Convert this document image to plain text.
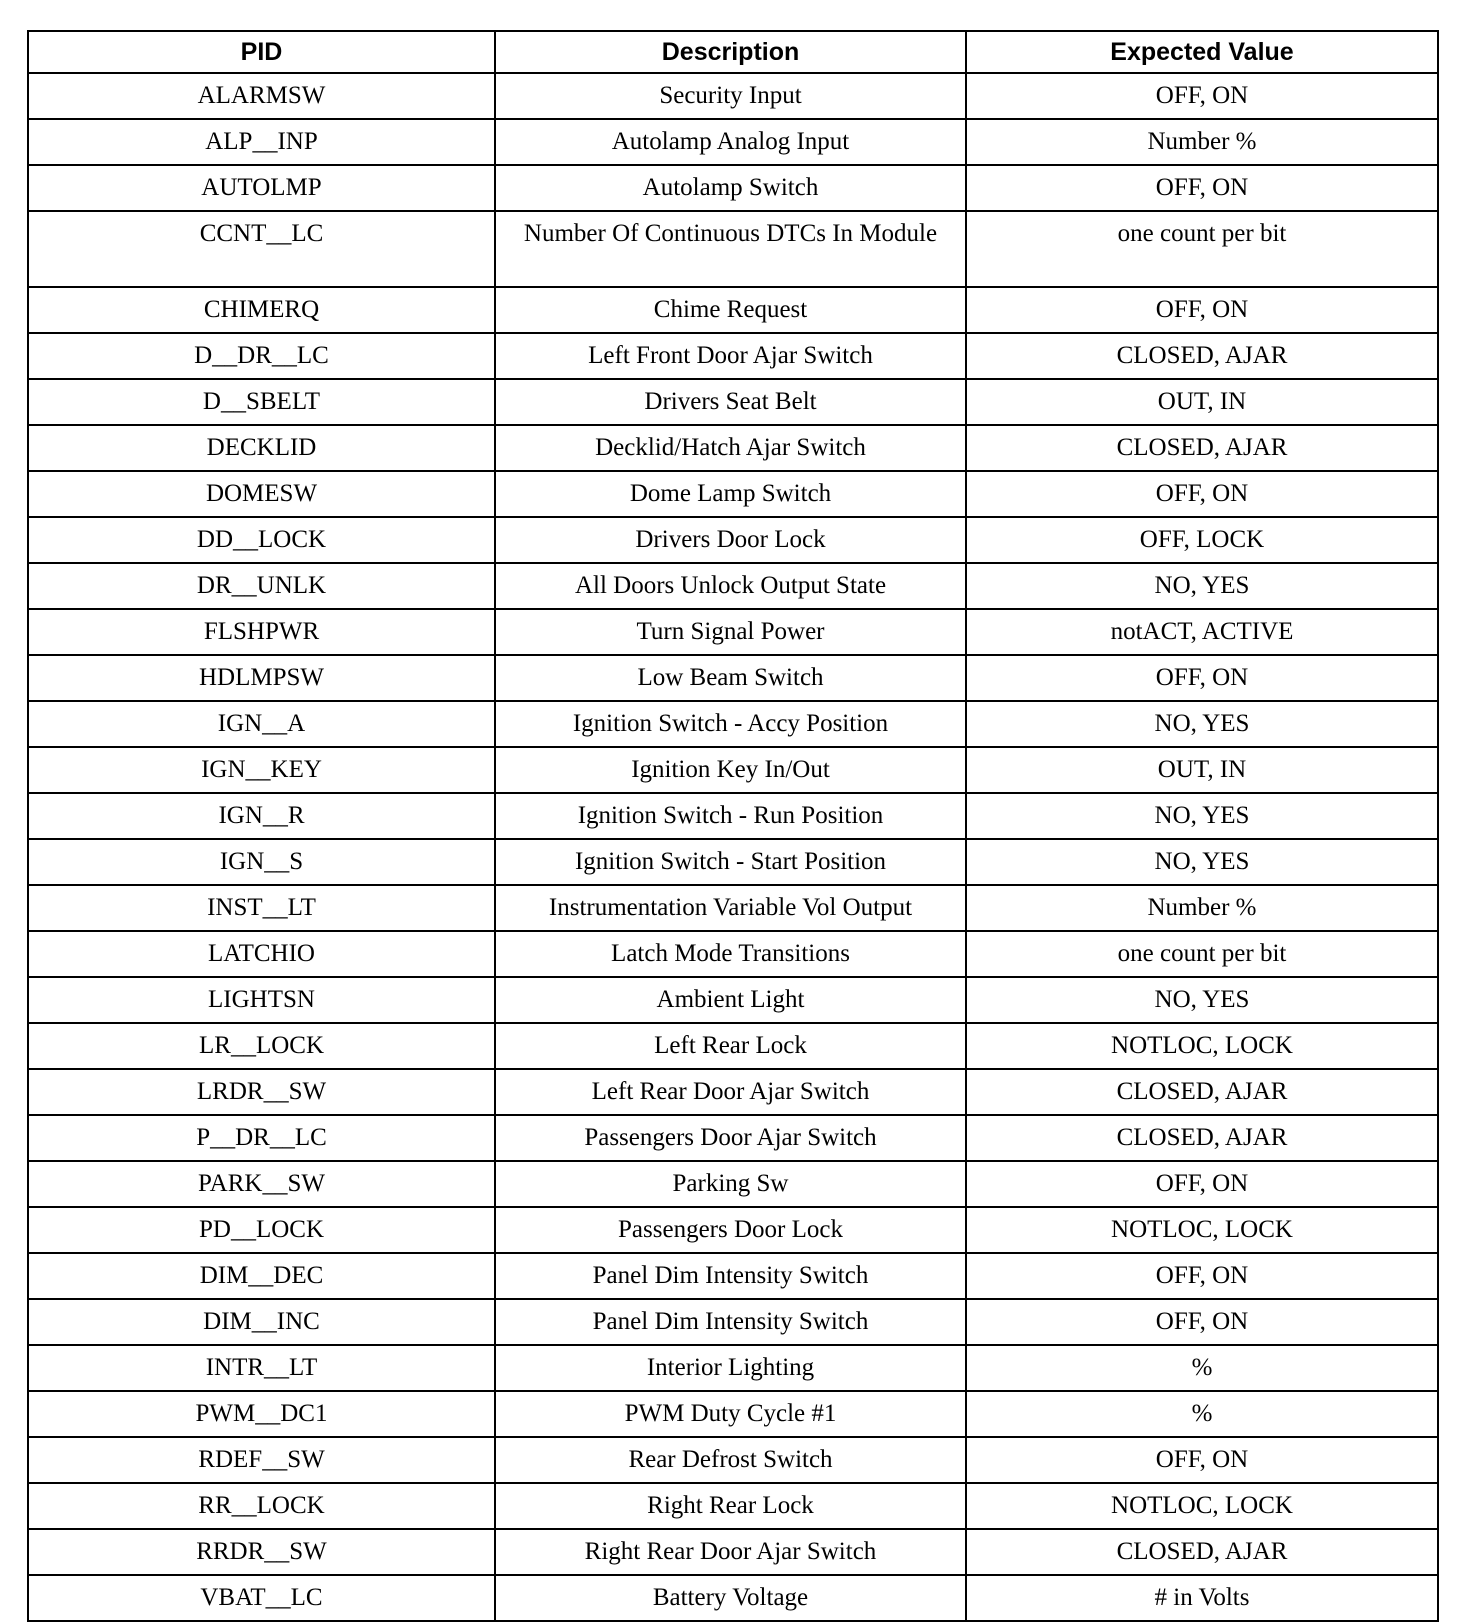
PID	Description	Expected Value
ALARMSW	Security Input	OFF, ON
ALP__INP	Autolamp Analog Input	Number %
AUTOLMP	Autolamp Switch	OFF, ON
CCNT__LC	Number Of Continuous DTCs In Module	one count per bit
CHIMERQ	Chime Request	OFF, ON
D__DR__LC	Left Front Door Ajar Switch	CLOSED, AJAR
D__SBELT	Drivers Seat Belt	OUT, IN
DECKLID	Decklid/Hatch Ajar Switch	CLOSED, AJAR
DOMESW	Dome Lamp Switch	OFF, ON
DD__LOCK	Drivers Door Lock	OFF, LOCK
DR__UNLK	All Doors Unlock Output State	NO, YES
FLSHPWR	Turn Signal Power	notACT, ACTIVE
HDLMPSW	Low Beam Switch	OFF, ON
IGN__A	Ignition Switch - Accy Position	NO, YES
IGN__KEY	Ignition Key In/Out	OUT, IN
IGN__R	Ignition Switch - Run Position	NO, YES
IGN__S	Ignition Switch - Start Position	NO, YES
INST__LT	Instrumentation Variable Vol Output	Number %
LATCHIO	Latch Mode Transitions	one count per bit
LIGHTSN	Ambient Light	NO, YES
LR__LOCK	Left Rear Lock	NOTLOC, LOCK
LRDR__SW	Left Rear Door Ajar Switch	CLOSED, AJAR
P__DR__LC	Passengers Door Ajar Switch	CLOSED, AJAR
PARK__SW	Parking Sw	OFF, ON
PD__LOCK	Passengers Door Lock	NOTLOC, LOCK
DIM__DEC	Panel Dim Intensity Switch	OFF, ON
DIM__INC	Panel Dim Intensity Switch	OFF, ON
INTR__LT	Interior Lighting	%
PWM__DC1	PWM Duty Cycle #1	%
RDEF__SW	Rear Defrost Switch	OFF, ON
RR__LOCK	Right Rear Lock	NOTLOC, LOCK
RRDR__SW	Right Rear Door Ajar Switch	CLOSED, AJAR
VBAT__LC	Battery Voltage	# in Volts
